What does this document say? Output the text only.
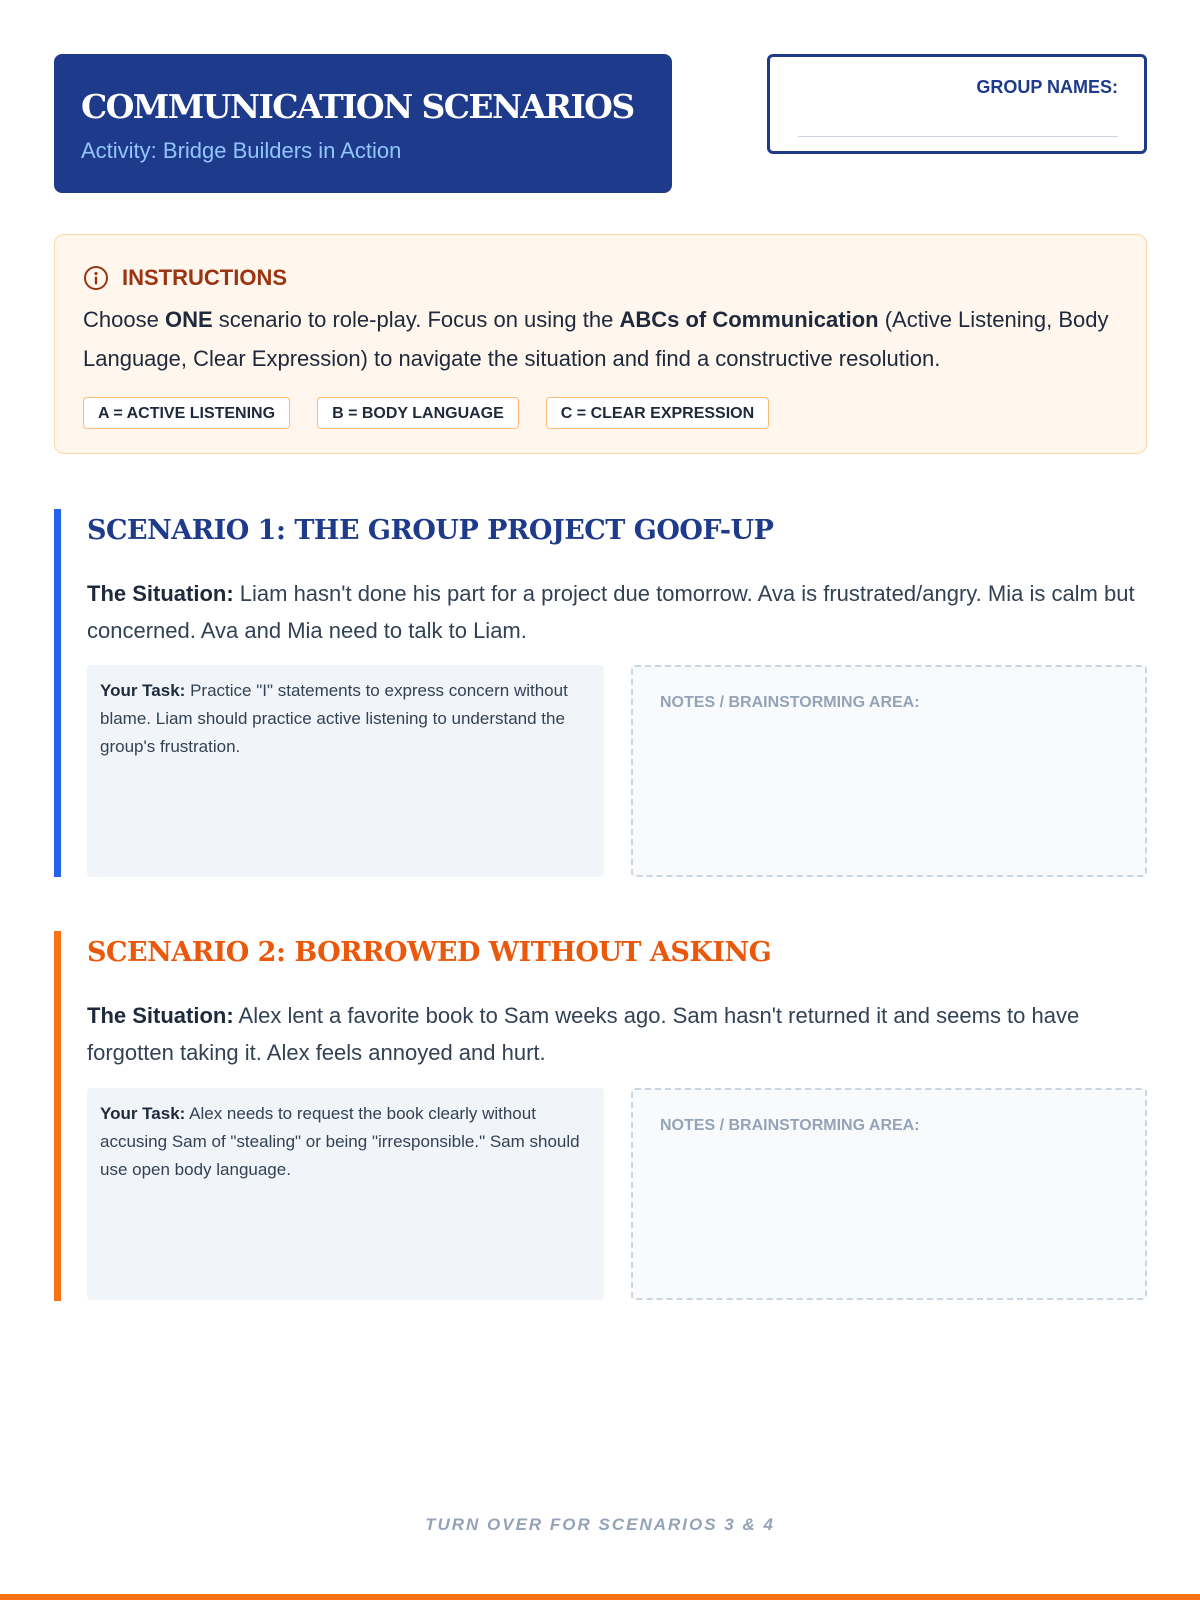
COMMUNICATION SCENARIOS
Activity: Bridge Builders in Action
GROUP NAMES:
INSTRUCTIONS
Choose ONE scenario to role-play. Focus on using the ABCs of Communication (Active Listening, Body Language, Clear Expression) to navigate the situation and find a constructive resolution.
A = ACTIVE LISTENING	B = BODY LANGUAGE	C = CLEAR EXPRESSION
SCENARIO 1: THE GROUP PROJECT GOOF-UP
The Situation: Liam hasn't done his part for a project due tomorrow. Ava is frustrated/angry. Mia is calm but concerned. Ava and Mia need to talk to Liam.
Your Task: Practice "I" statements to express concern without blame. Liam should practice active listening to understand the group's frustration.
NOTES / BRAINSTORMING AREA:
SCENARIO 2: BORROWED WITHOUT ASKING
The Situation: Alex lent a favorite book to Sam weeks ago. Sam hasn't returned it and seems to have forgotten taking it. Alex feels annoyed and hurt.
Your Task: Alex needs to request the book clearly without accusing Sam of "stealing" or being "irresponsible." Sam should use open body language.
NOTES / BRAINSTORMING AREA:
TURN OVER FOR SCENARIOS 3 & 4
